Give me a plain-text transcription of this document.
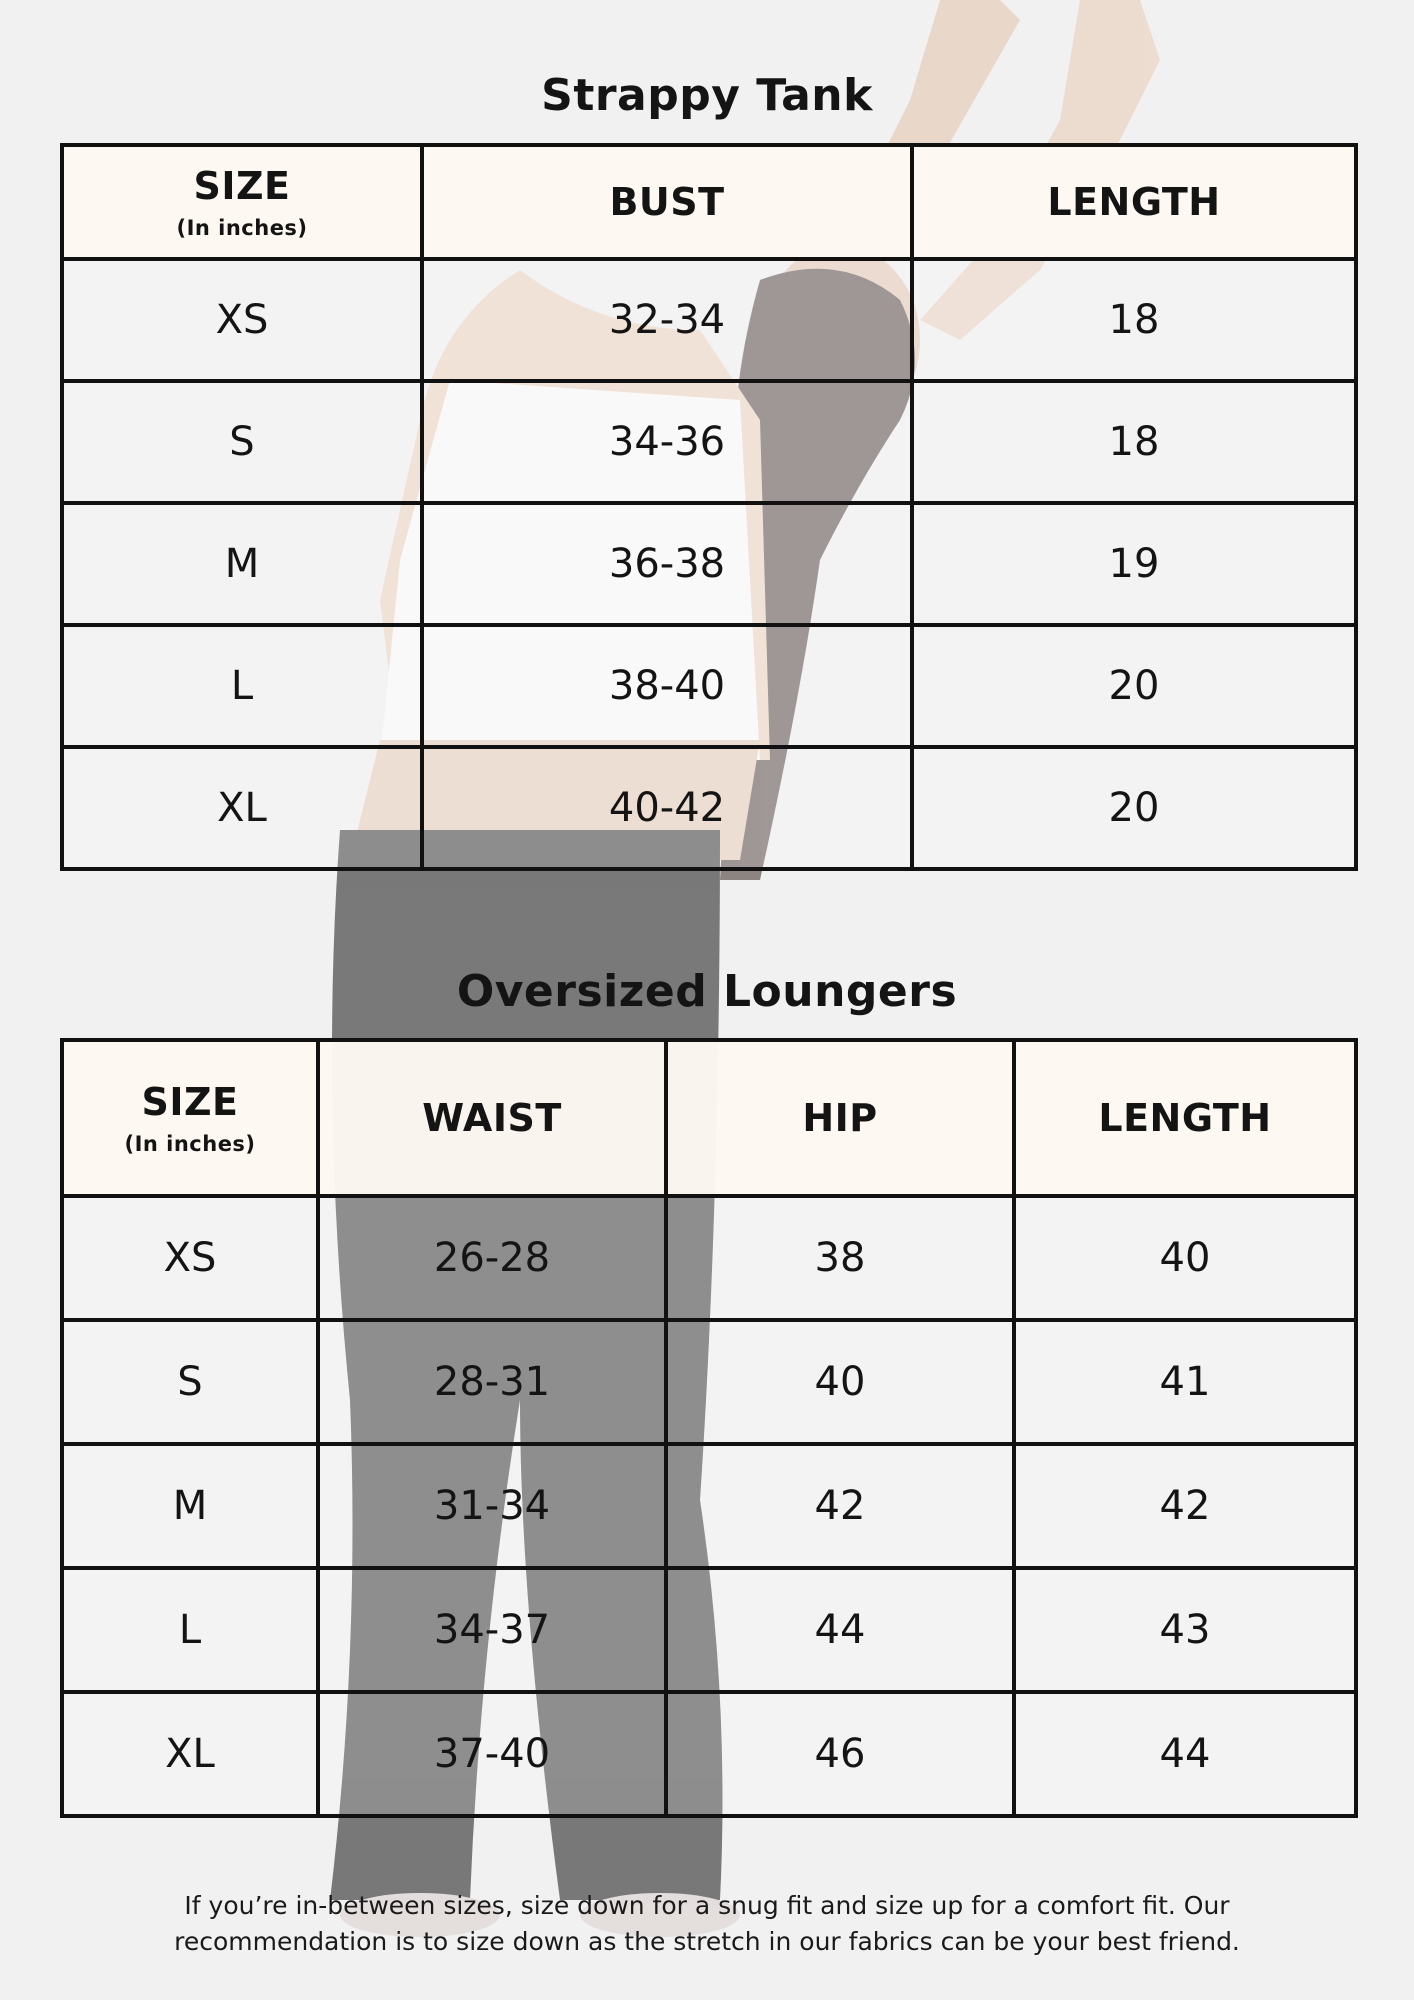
Strappy Tank
SIZE
(In inches)	BUST	LENGTH
XS	32-34	18
S	34-36	18
M	36-38	19
L	38-40	20
XL	40-42	20
Oversized Loungers
SIZE
(In inches)	WAIST	HIP	LENGTH
XS	26-28	38	40
S	28-31	40	41
M	31-34	42	42
L	34-37	44	43
XL	37-40	46	44
If you’re in-between sizes, size down for a snug fit and size up for a comfort fit. Our
recommendation is to size down as the stretch in our fabrics can be your best friend.
